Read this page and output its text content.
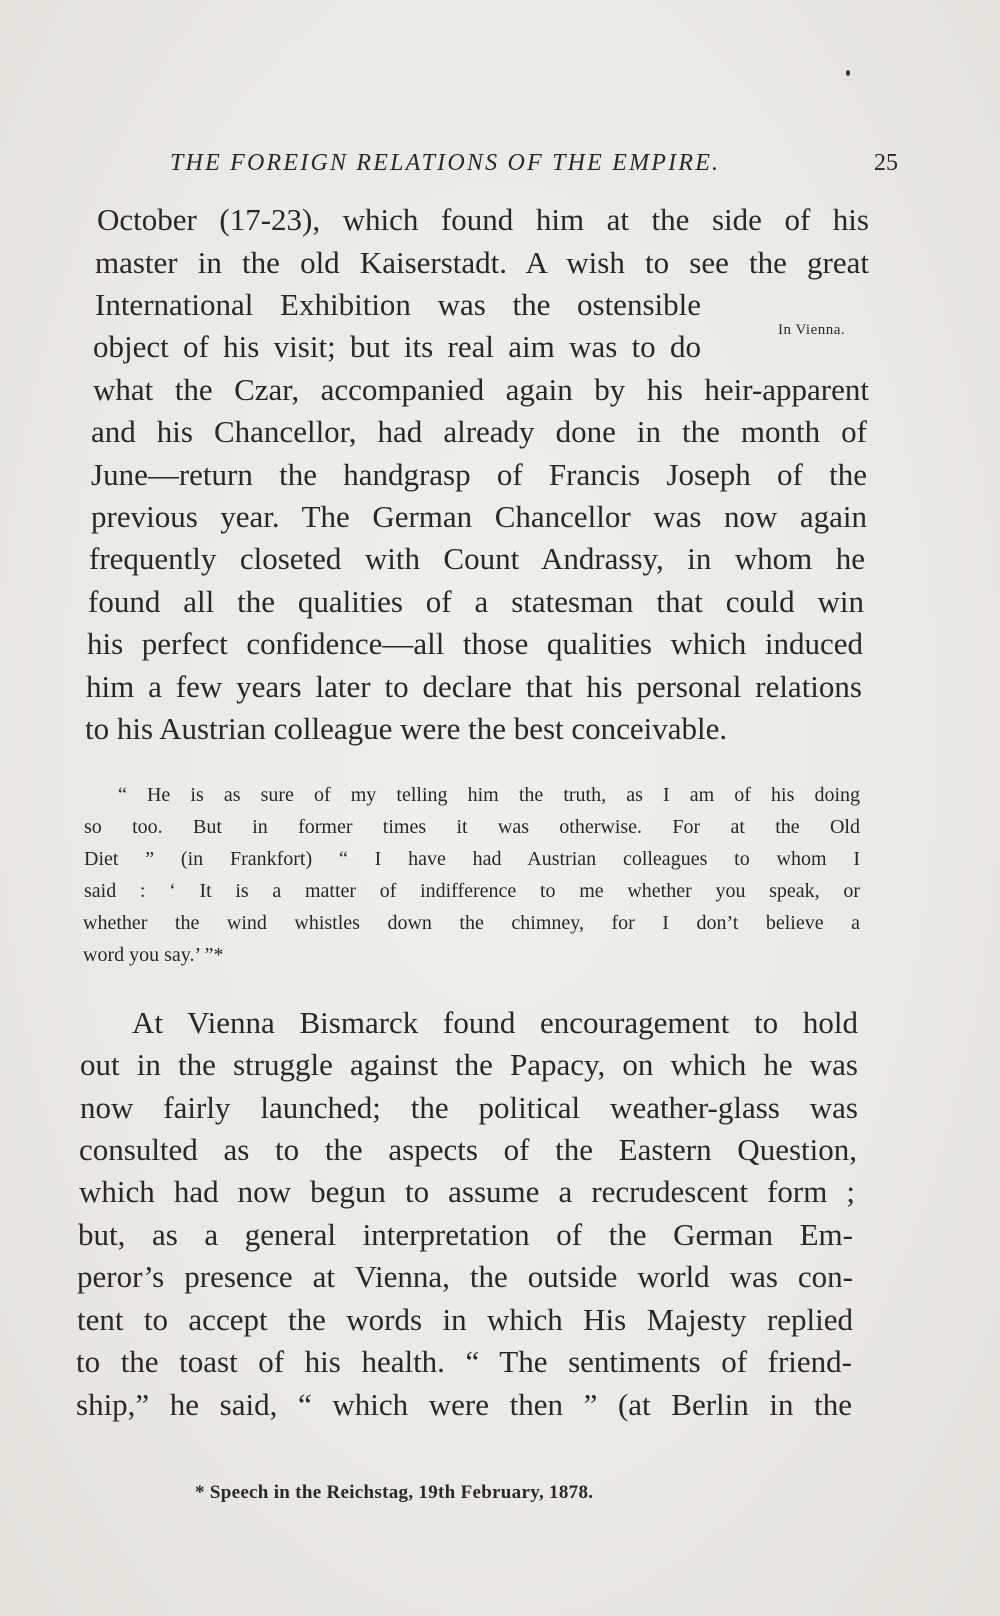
THE FOREIGN RELATIONS OF THE EMPIRE.	25
October (17-23), which found him at the side of his
master in the old Kaiserstadt. A wish to see the great
International Exhibition was the ostensible
object of his visit; but its real aim was to do
what the Czar, accompanied again by his heir-apparent
and his Chancellor, had already done in the month of
June—return the handgrasp of Francis Joseph of the
previous year. The German Chancellor was now again
frequently closeted with Count Andrassy, in whom he
found all the qualities of a statesman that could win
his perfect confidence—all those qualities which induced
him a few years later to declare that his personal relations
to his Austrian colleague were the best conceivable.
In Vienna.
“ He is as sure of my telling him the truth, as I am of his doing
so too. But in former times it was otherwise. For at the Old
Diet ” (in Frankfort) “ I have had Austrian colleagues to whom I
said : ‘ It is a matter of indifference to me whether you speak, or
whether the wind whistles down the chimney, for I don’t believe a
word you say.’ ”*
At Vienna Bismarck found encouragement to hold
out in the struggle against the Papacy, on which he was
now fairly launched; the political weather-glass was
consulted as to the aspects of the Eastern Question,
which had now begun to assume a recrudescent form ;
but, as a general interpretation of the German Em-
peror’s presence at Vienna, the outside world was con-
tent to accept the words in which His Majesty replied
to the toast of his health. “ The sentiments of friend-
ship,” he said, “ which were then ” (at Berlin in the
* Speech in the Reichstag, 19th February, 1878.
